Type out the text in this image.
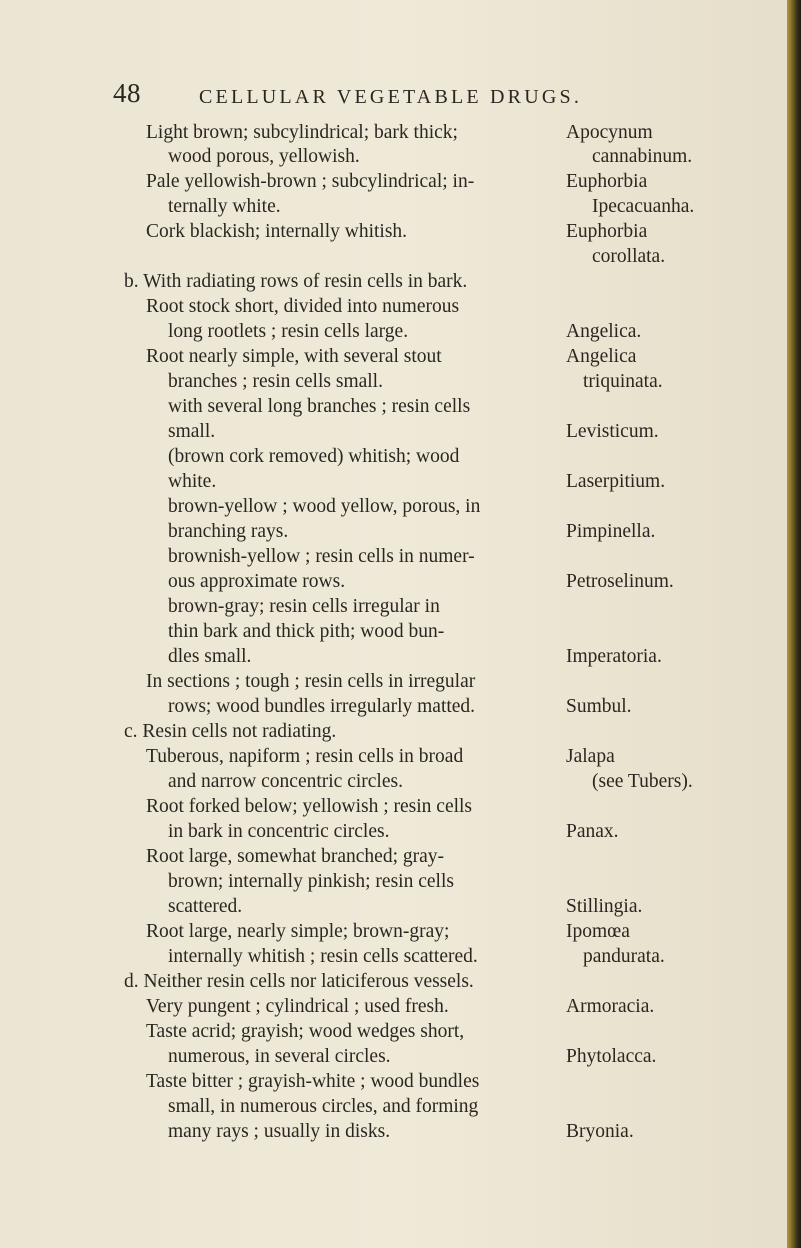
48	CELLULAR VEGETABLE DRUGS.
Light brown; subcylindrical; bark thick;	Apocynum
wood porous, yellowish.	cannabinum.
Pale yellowish-brown ; subcylindrical; in-	Euphorbia
ternally white.	Ipecacuanha.
Cork blackish; internally whitish.	Euphorbia
corollata.
b. With radiating rows of resin cells in bark.
Root stock short, divided into numerous
long rootlets ; resin cells large.	Angelica.
Root nearly simple, with several stout	Angelica
branches ; resin cells small.	triquinata.
with several long branches ; resin cells
small.	Levisticum.
(brown cork removed) whitish; wood
white.	Laserpitium.
brown-yellow ; wood yellow, porous, in
branching rays.	Pimpinella.
brownish-yellow ; resin cells in numer-
ous approximate rows.	Petroselinum.
brown-gray; resin cells irregular in
thin bark and thick pith; wood bun-
dles small.	Imperatoria.
In sections ; tough ; resin cells in irregular
rows; wood bundles irregularly matted.	Sumbul.
c. Resin cells not radiating.
Tuberous, napiform ; resin cells in broad	Jalapa
and narrow concentric circles.	(see Tubers).
Root forked below; yellowish ; resin cells
in bark in concentric circles.	Panax.
Root large, somewhat branched; gray-
brown; internally pinkish; resin cells
scattered.	Stillingia.
Root large, nearly simple; brown-gray;	Ipomœa
internally whitish ; resin cells scattered.	pandurata.
d. Neither resin cells nor laticiferous vessels.
Very pungent ; cylindrical ; used fresh.	Armoracia.
Taste acrid; grayish; wood wedges short,
numerous, in several circles.	Phytolacca.
Taste bitter ; grayish-white ; wood bundles
small, in numerous circles, and forming
many rays ; usually in disks.	Bryonia.
